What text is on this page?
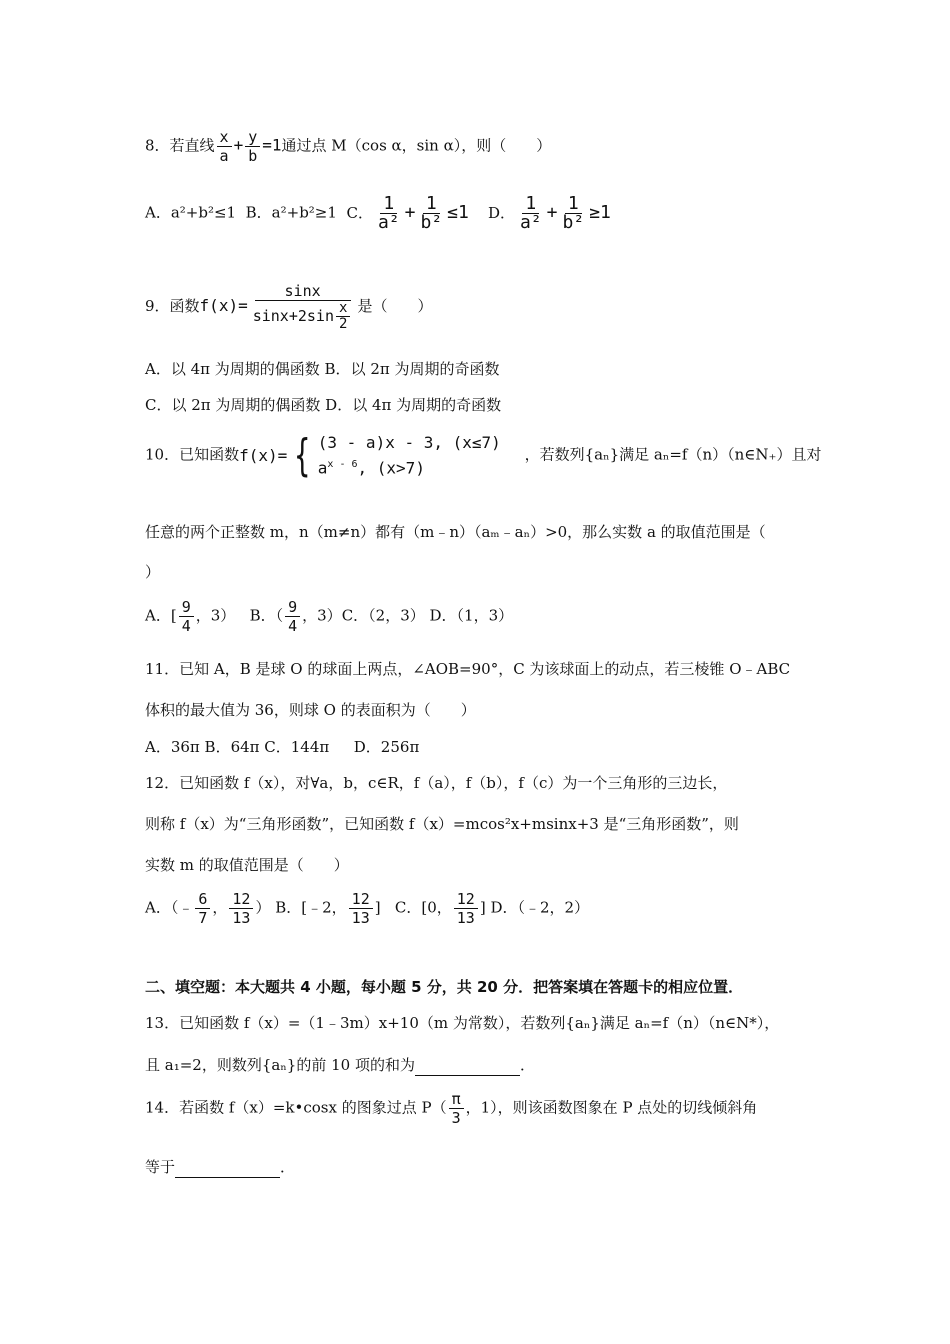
8．若直线 $\frac{x}{a} + \frac{y}{b} =1$通过点 M（cos α，sin α），则（　　）
A．a²+b²≤1 B．a²+b²≥1 C． $\frac{1}{\text{a²}} + \frac{1}{\text{b²}} \le 1$ D． $\frac{1}{\text{a²}} + \frac{1}{\text{b²}} \ge 1$
9．函数$f(x)= \frac{\sin x}{\sin x+2\sin \frac{x}{2}}$ 是（　　）
A．以 4π 为周期的偶函数 B．以 2π 为周期的奇函数
C．以 2π 为周期的偶函数 D．以 4π 为周期的奇函数
10．已知函数 f(x)= { (3 - a)x - 3, (x≤7)
$a^{x - 6}$, (x>7)
，若数列{aₙ}满足 aₙ=f（n）（n∈N₊）且对
任意的两个正整数 m，n（m≠n）都有（m﹣n）（aₘ﹣aₙ）>0，那么实数 a 的取值范围是（
）
A．[ $\frac{9}{4}$ ，3） B．（ $\frac{9}{4}$ ，3）C．（2，3） D．（1，3）
11．已知 A，B 是球 O 的球面上两点，∠AOB=90°，C 为该球面上的动点，若三棱锥 O﹣ABC
体积的最大值为 36，则球 O 的表面积为（　　）
A．36π B．64π C．144π 　 D．256π
12．已知函数 f（x），对∀a，b，c∈R，f（a），f（b），f（c）为一个三角形的三边长，
则称 f（x）为“三角形函数”，已知函数 f（x）=mcos²x+msinx+3 是“三角形函数”，则
实数 m 的取值范围是（　　）
A．（﹣ $\frac{6}{7}$ ， $\frac{12}{13}$ ） B．[﹣2， $\frac{12}{13}$ ] C．[0， $\frac{12}{13}$ ] D．（﹣2，2）
二、填空题：本大题共 4 小题，每小题 5 分，共 20 分．把答案填在答题卡的相应位置．
13．已知函数 f（x）=（1﹣3m）x+10（m 为常数），若数列{aₙ}满足 aₙ=f（n）（n∈N*），
且 a₁=2，则数列{aₙ}的前 10 项的和为	．
14．若函数 f（x）=k•cosx 的图象过点 $P( \frac{\pi}{3}$ ，1），则该函数图象在 P 点处的切线倾斜角
等于	．
